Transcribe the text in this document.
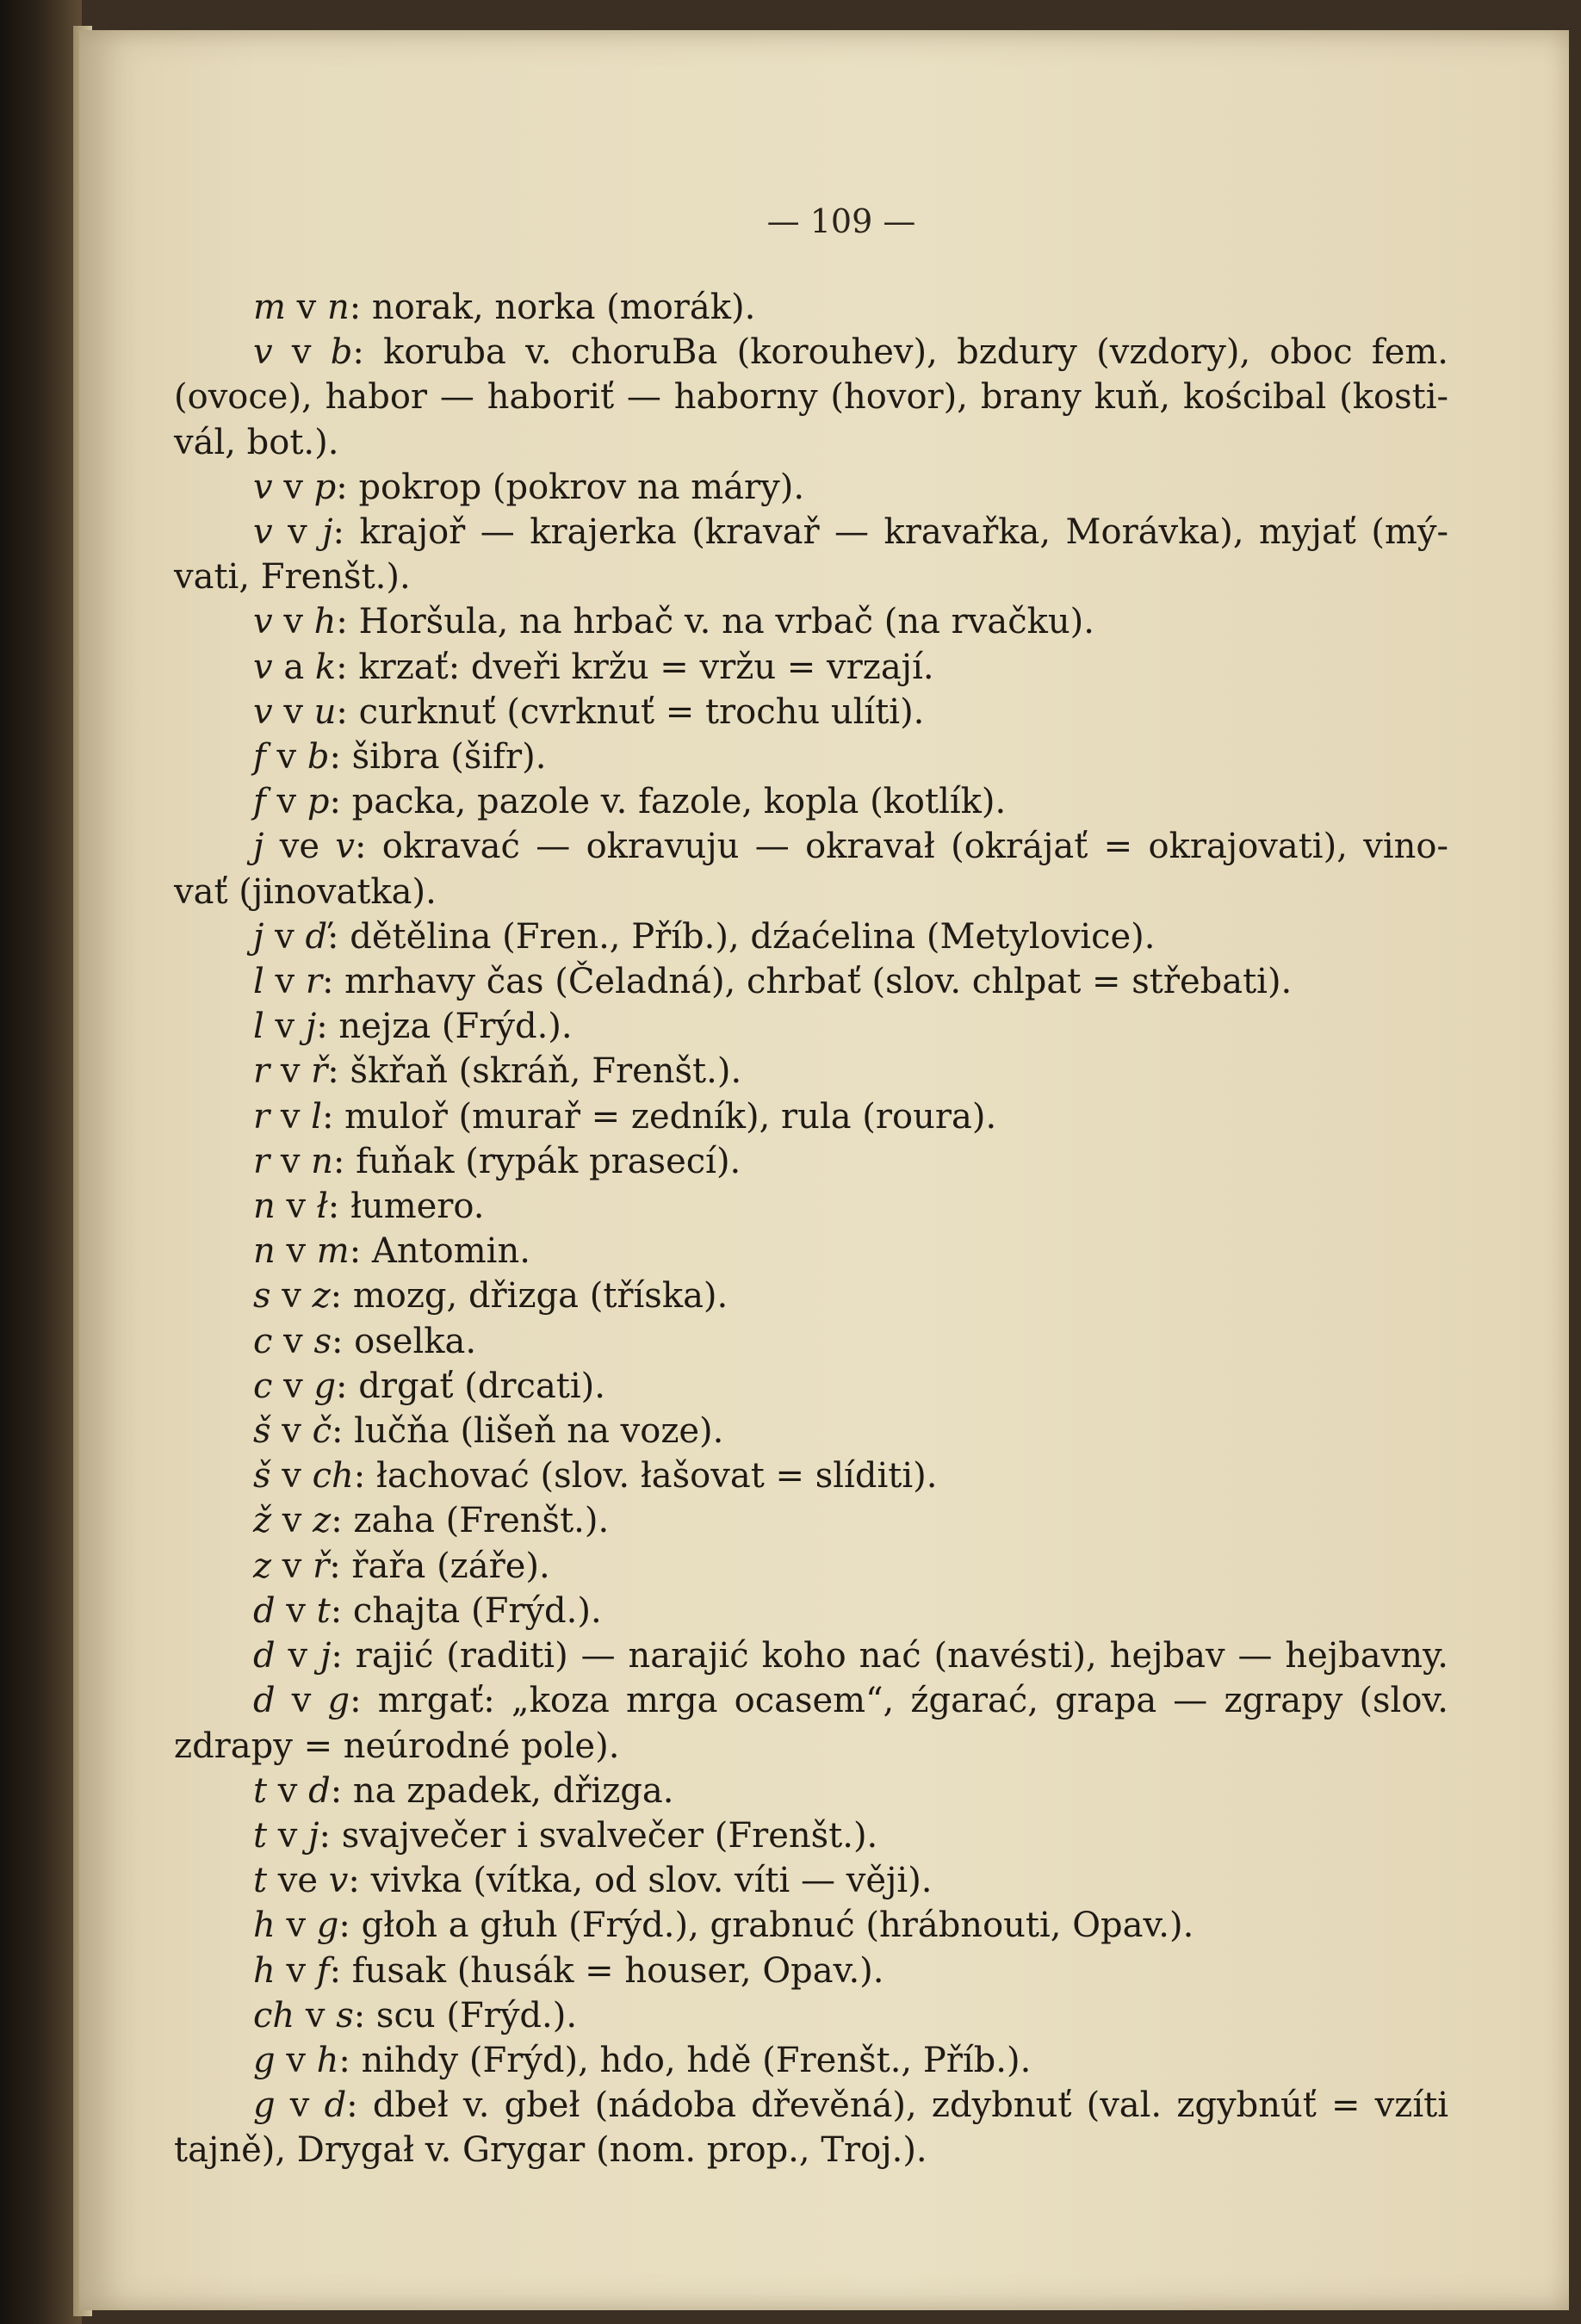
— 109 —
m v n: norak, norka (morák).
v v b: koruba v. choruBa (korouhev), bzdury (vzdory), oboc fem.
(ovoce), habor — haboriť — haborny (hovor), brany kuň, kościbal (kosti-
vál, bot.).
v v p: pokrop (pokrov na máry).
v v j: krajoř — krajerka (kravař — kravařka, Morávka), myjať (mý-
vati, Frenšt.).
v v h: Horšula, na hrbač v. na vrbač (na rvačku).
v a k: krzať: dveři kržu = vržu = vrzají.
v v u: curknuť (cvrknuť = trochu ulíti).
f v b: šibra (šifr).
f v p: packa, pazole v. fazole, kopla (kotlík).
j ve v: okravać — okravuju — okravał (okrájať = okrajovati), vino-
vať (jinovatka).
j v ď: dětělina (Fren., Příb.), dźaćelina (Metylovice).
l v r: mrhavy čas (Čeladná), chrbať (slov. chlpat = střebati).
l v j: nejza (Frýd.).
r v ř: škřaň (skráň, Frenšt.).
r v l: muloř (murař = zedník), rula (roura).
r v n: fuňak (rypák prasecí).
n v ł: łumero.
n v m: Antomin.
s v z: mozg, dřizga (tříska).
c v s: oselka.
c v g: drgať (drcati).
š v č: lučňa (lišeň na voze).
š v ch: łachovać (slov. łašovat = slíditi).
ž v z: zaha (Frenšt.).
z v ř: řařa (záře).
d v t: chajta (Frýd.).
d v j: rajić (raditi) — narajić koho nać (navésti), hejbav — hejbavny.
d v g: mrgať: „koza mrga ocasem“, źgarać, grapa — zgrapy (slov.
zdrapy = neúrodné pole).
t v d: na zpadek, dřizga.
t v j: svajvečer i svalvečer (Frenšt.).
t ve v: vivka (vítka, od slov. víti — věji).
h v g: głoh a głuh (Frýd.), grabnuć (hrábnouti, Opav.).
h v f: fusak (husák = houser, Opav.).
ch v s: scu (Frýd.).
g v h: nihdy (Frýd), hdo, hdě (Frenšt., Příb.).
g v d: dbeł v. gbeł (nádoba dřevěná), zdybnuť (val. zgybnúť = vzíti
tajně), Drygał v. Grygar (nom. prop., Troj.).
